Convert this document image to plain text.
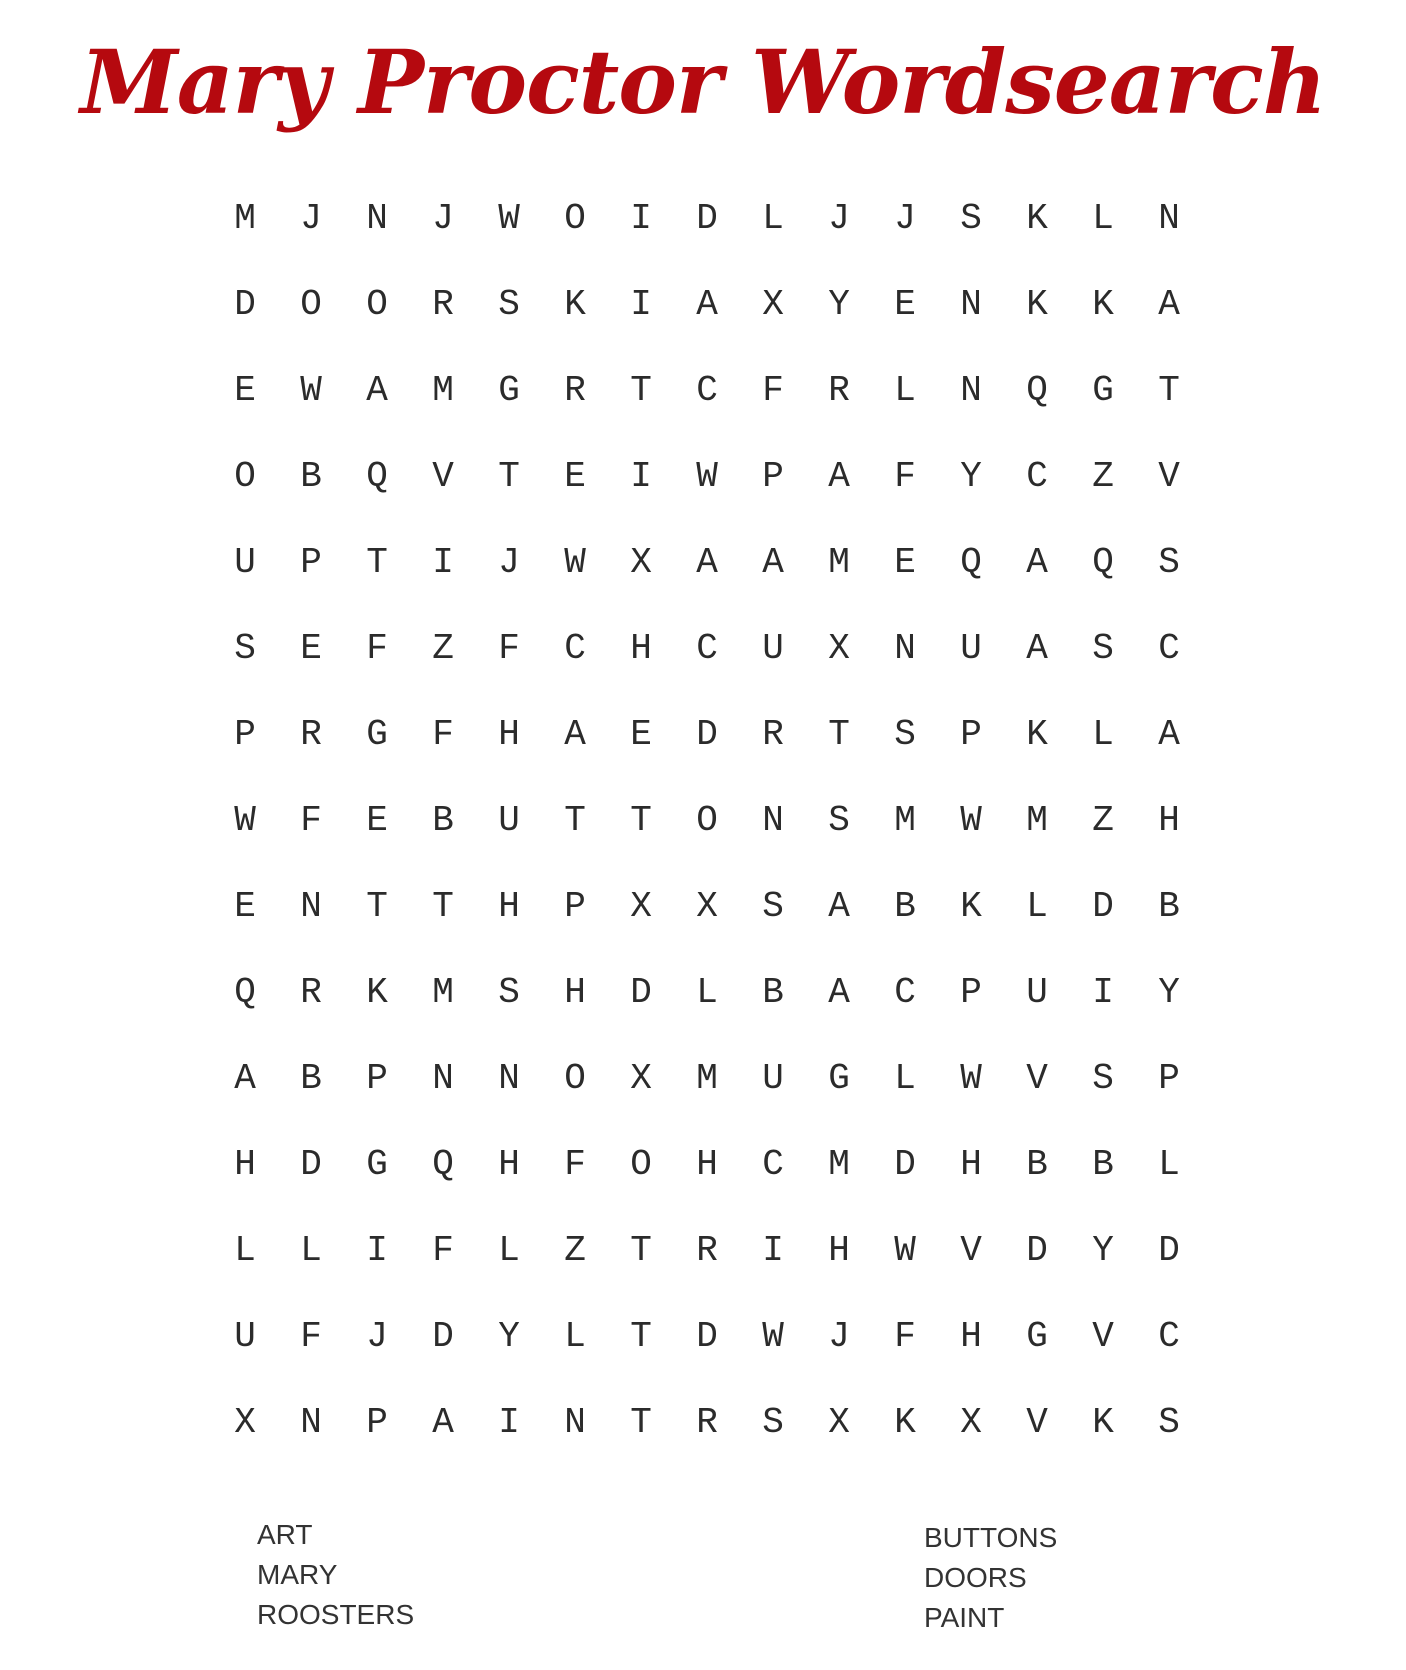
Mary Proctor Wordsearch
M	J	N	J	W	O	I	D	L	J	J	S	K	L	N
D	O	O	R	S	K	I	A	X	Y	E	N	K	K	A
E	W	A	M	G	R	T	C	F	R	L	N	Q	G	T
O	B	Q	V	T	E	I	W	P	A	F	Y	C	Z	V
U	P	T	I	J	W	X	A	A	M	E	Q	A	Q	S
S	E	F	Z	F	C	H	C	U	X	N	U	A	S	C
P	R	G	F	H	A	E	D	R	T	S	P	K	L	A
W	F	E	B	U	T	T	O	N	S	M	W	M	Z	H
E	N	T	T	H	P	X	X	S	A	B	K	L	D	B
Q	R	K	M	S	H	D	L	B	A	C	P	U	I	Y
A	B	P	N	N	O	X	M	U	G	L	W	V	S	P
H	D	G	Q	H	F	O	H	C	M	D	H	B	B	L
L	L	I	F	L	Z	T	R	I	H	W	V	D	Y	D
U	F	J	D	Y	L	T	D	W	J	F	H	G	V	C
X	N	P	A	I	N	T	R	S	X	K	X	V	K	S
ART
MARY
ROOSTERS
BUTTONS
DOORS
PAINT
